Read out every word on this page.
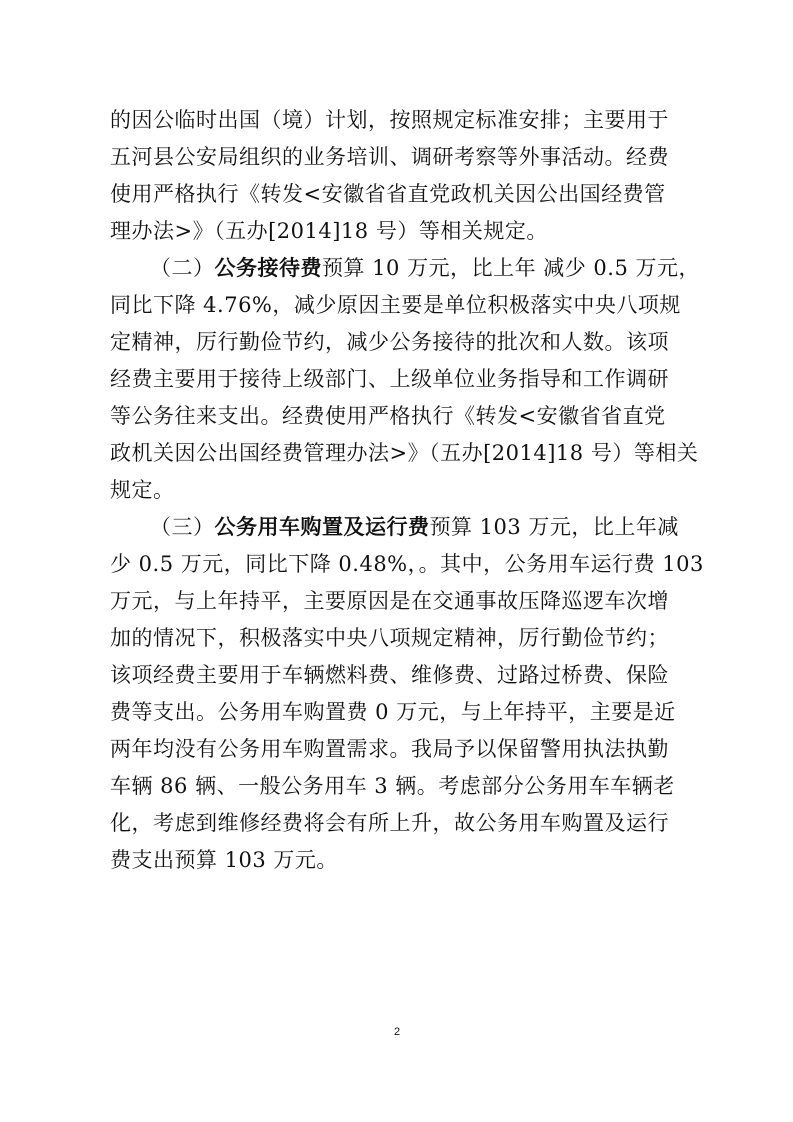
的因公临时出国（境）计划，按照规定标准安排；主要用于
五河县公安局组织的业务培训、调研考察等外事活动。经费
使用严格执行《转发<安徽省省直党政机关因公出国经费管
理办法>》（五办[2014]18 号）等相关规定。
（二）公务接待费预算 10 万元，比上年 减少 0.5 万元，
同比下降 4.76%，减少原因主要是单位积极落实中央八项规
定精神，厉行勤俭节约，减少公务接待的批次和人数。该项
经费主要用于接待上级部门、上级单位业务指导和工作调研
等公务往来支出。经费使用严格执行《转发<安徽省省直党
政机关因公出国经费管理办法>》（五办[2014]18 号）等相关
规定。
（三）公务用车购置及运行费预算 103 万元，比上年减
少 0.5 万元，同比下降 0.48%，。其中，公务用车运行费 103
万元，与上年持平，主要原因是在交通事故压降巡逻车次增
加的情况下，积极落实中央八项规定精神，厉行勤俭节约；
该项经费主要用于车辆燃料费、维修费、过路过桥费、保险
费等支出。公务用车购置费 0 万元，与上年持平，主要是近
两年均没有公务用车购置需求。我局予以保留警用执法执勤
车辆 86 辆、一般公务用车 3 辆。考虑部分公务用车车辆老
化，考虑到维修经费将会有所上升，故公务用车购置及运行
费支出预算 103 万元。
2
